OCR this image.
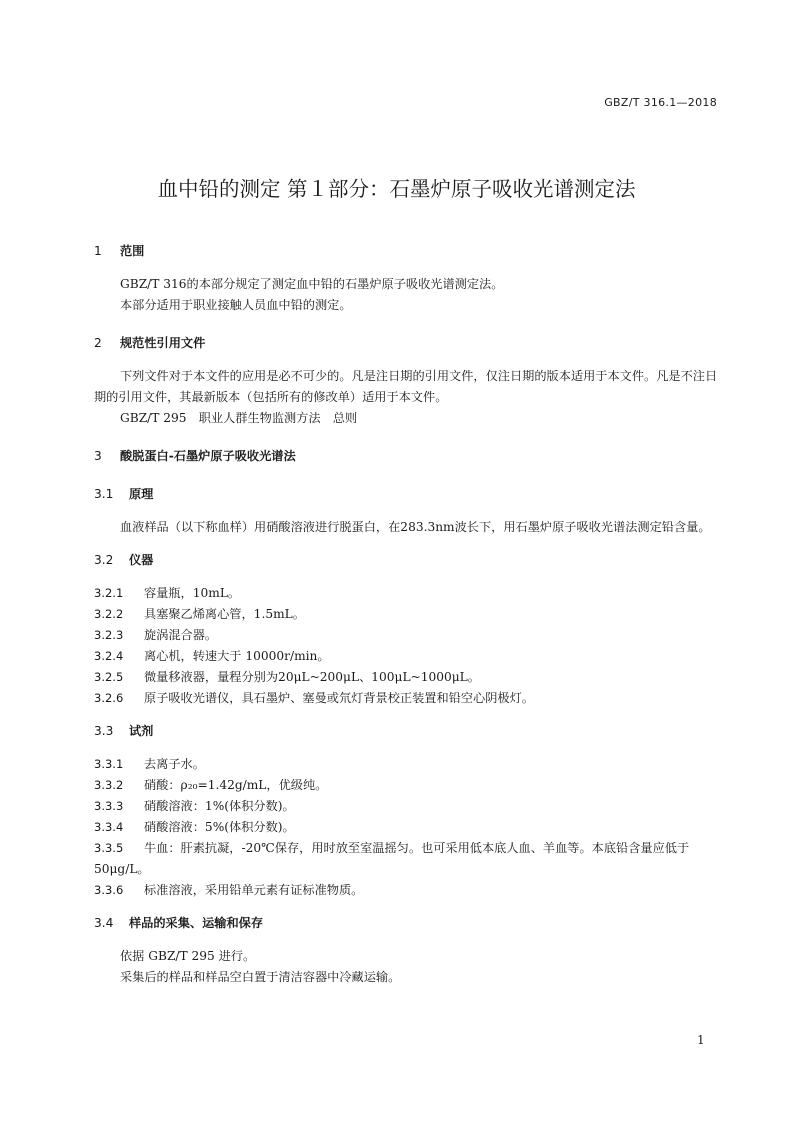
GBZ/T 316.1—2018
血中铅的测定 第１部分：石墨炉原子吸收光谱测定法
1 范围

GBZ/T 316的本部分规定了测定血中铅的石墨炉原子吸收光谱测定法。

本部分适用于职业接触人员血中铅的测定。

2 规范性引用文件

下列文件对于本文件的应用是必不可少的。凡是注日期的引用文件，仅注日期的版本适用于本文件。凡是不注日期的引用文件，其最新版本（包括所有的修改单）适用于本文件。

GBZ/T 295　职业人群生物监测方法　总则

3 酸脱蛋白-石墨炉原子吸收光谱法
3.1 原理

血液样品（以下称血样）用硝酸溶液进行脱蛋白，在283.3nm波长下，用石墨炉原子吸收光谱法测定铅含量。

3.2 仪器

3.2.1 容量瓶，10mL。

3.2.2 具塞聚乙烯离心管，1.5mL。

3.2.3 旋涡混合器。

3.2.4 离心机，转速大于 10000r/min。

3.2.5 微量移液器，量程分别为20μL~200μL、100μL~1000μL。

3.2.6 原子吸收光谱仪，具石墨炉、塞曼或氘灯背景校正装置和铅空心阴极灯。

3.3 试剂

3.3.1 去离子水。

3.3.2 硝酸：ρ₂₀=1.42g/mL，优级纯。

3.3.3 硝酸溶液：1%(体积分数)。

3.3.4 硝酸溶液：5%(体积分数)。

3.3.5 牛血：肝素抗凝，-20℃保存，用时放至室温摇匀。也可采用低本底人血、羊血等。本底铅含量应低于 50μg/L。

3.3.6 标准溶液，采用铅单元素有证标准物质。

3.4 样品的采集、运输和保存

依据 GBZ/T 295 进行。

采集后的样品和样品空白置于清洁容器中冷藏运输。

1
